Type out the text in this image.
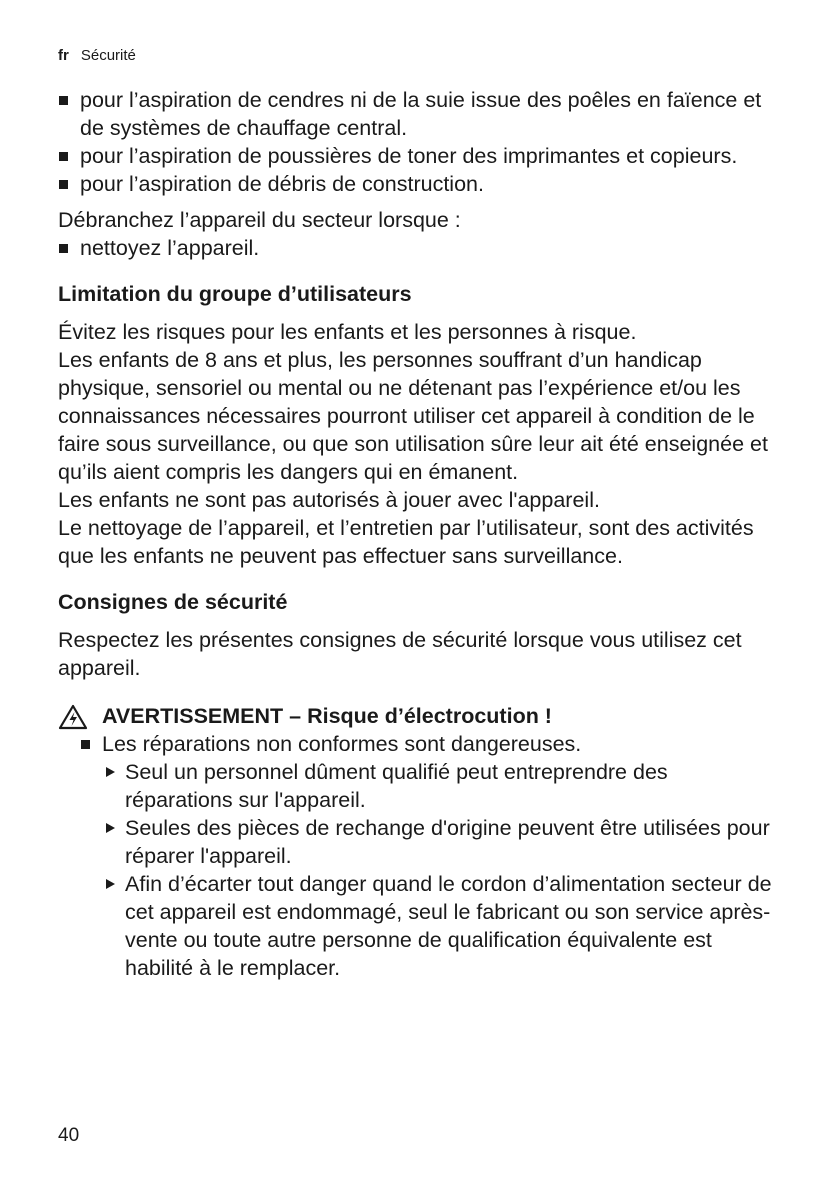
fr Sécurité
pour l’aspiration de cendres ni de la suie issue des poêles en faïence et de systèmes de chauffage central.
pour l’aspiration de poussières de toner des imprimantes et copieurs.
pour l’aspiration de débris de construction.

Débranchez l’appareil du secteur lorsque :

nettoyez l’appareil.
Limitation du groupe d’utilisateurs

Évitez les risques pour les enfants et les personnes à risque.

Les enfants de 8 ans et plus, les personnes souffrant d’un handicap physique, sensoriel ou mental ou ne détenant pas l’expérience et/ou les connaissances nécessaires pourront utiliser cet appareil à condition de le faire sous surveillance, ou que son utilisation sûre leur ait été enseignée et qu’ils aient compris les dangers qui en émanent.

Les enfants ne sont pas autorisés à jouer avec l'appareil.

Le nettoyage de l’appareil, et l’entretien par l’utilisateur, sont des activités que les enfants ne peuvent pas effectuer sans surveillance.

Consignes de sécurité

Respectez les présentes consignes de sécurité lorsque vous utilisez cet appareil.

AVERTISSEMENT – Risque d’électrocution !
Les réparations non conformes sont dangereuses.
Seul un personnel dûment qualifié peut entreprendre des réparations sur l'appareil.
Seules des pièces de rechange d'origine peuvent être utilisées pour réparer l'appareil.
Afin d’écarter tout danger quand le cordon d’alimentation secteur de cet appareil est endommagé, seul le fabricant ou son service après-vente ou toute autre personne de qualification équivalente est habilité à le remplacer.
40
